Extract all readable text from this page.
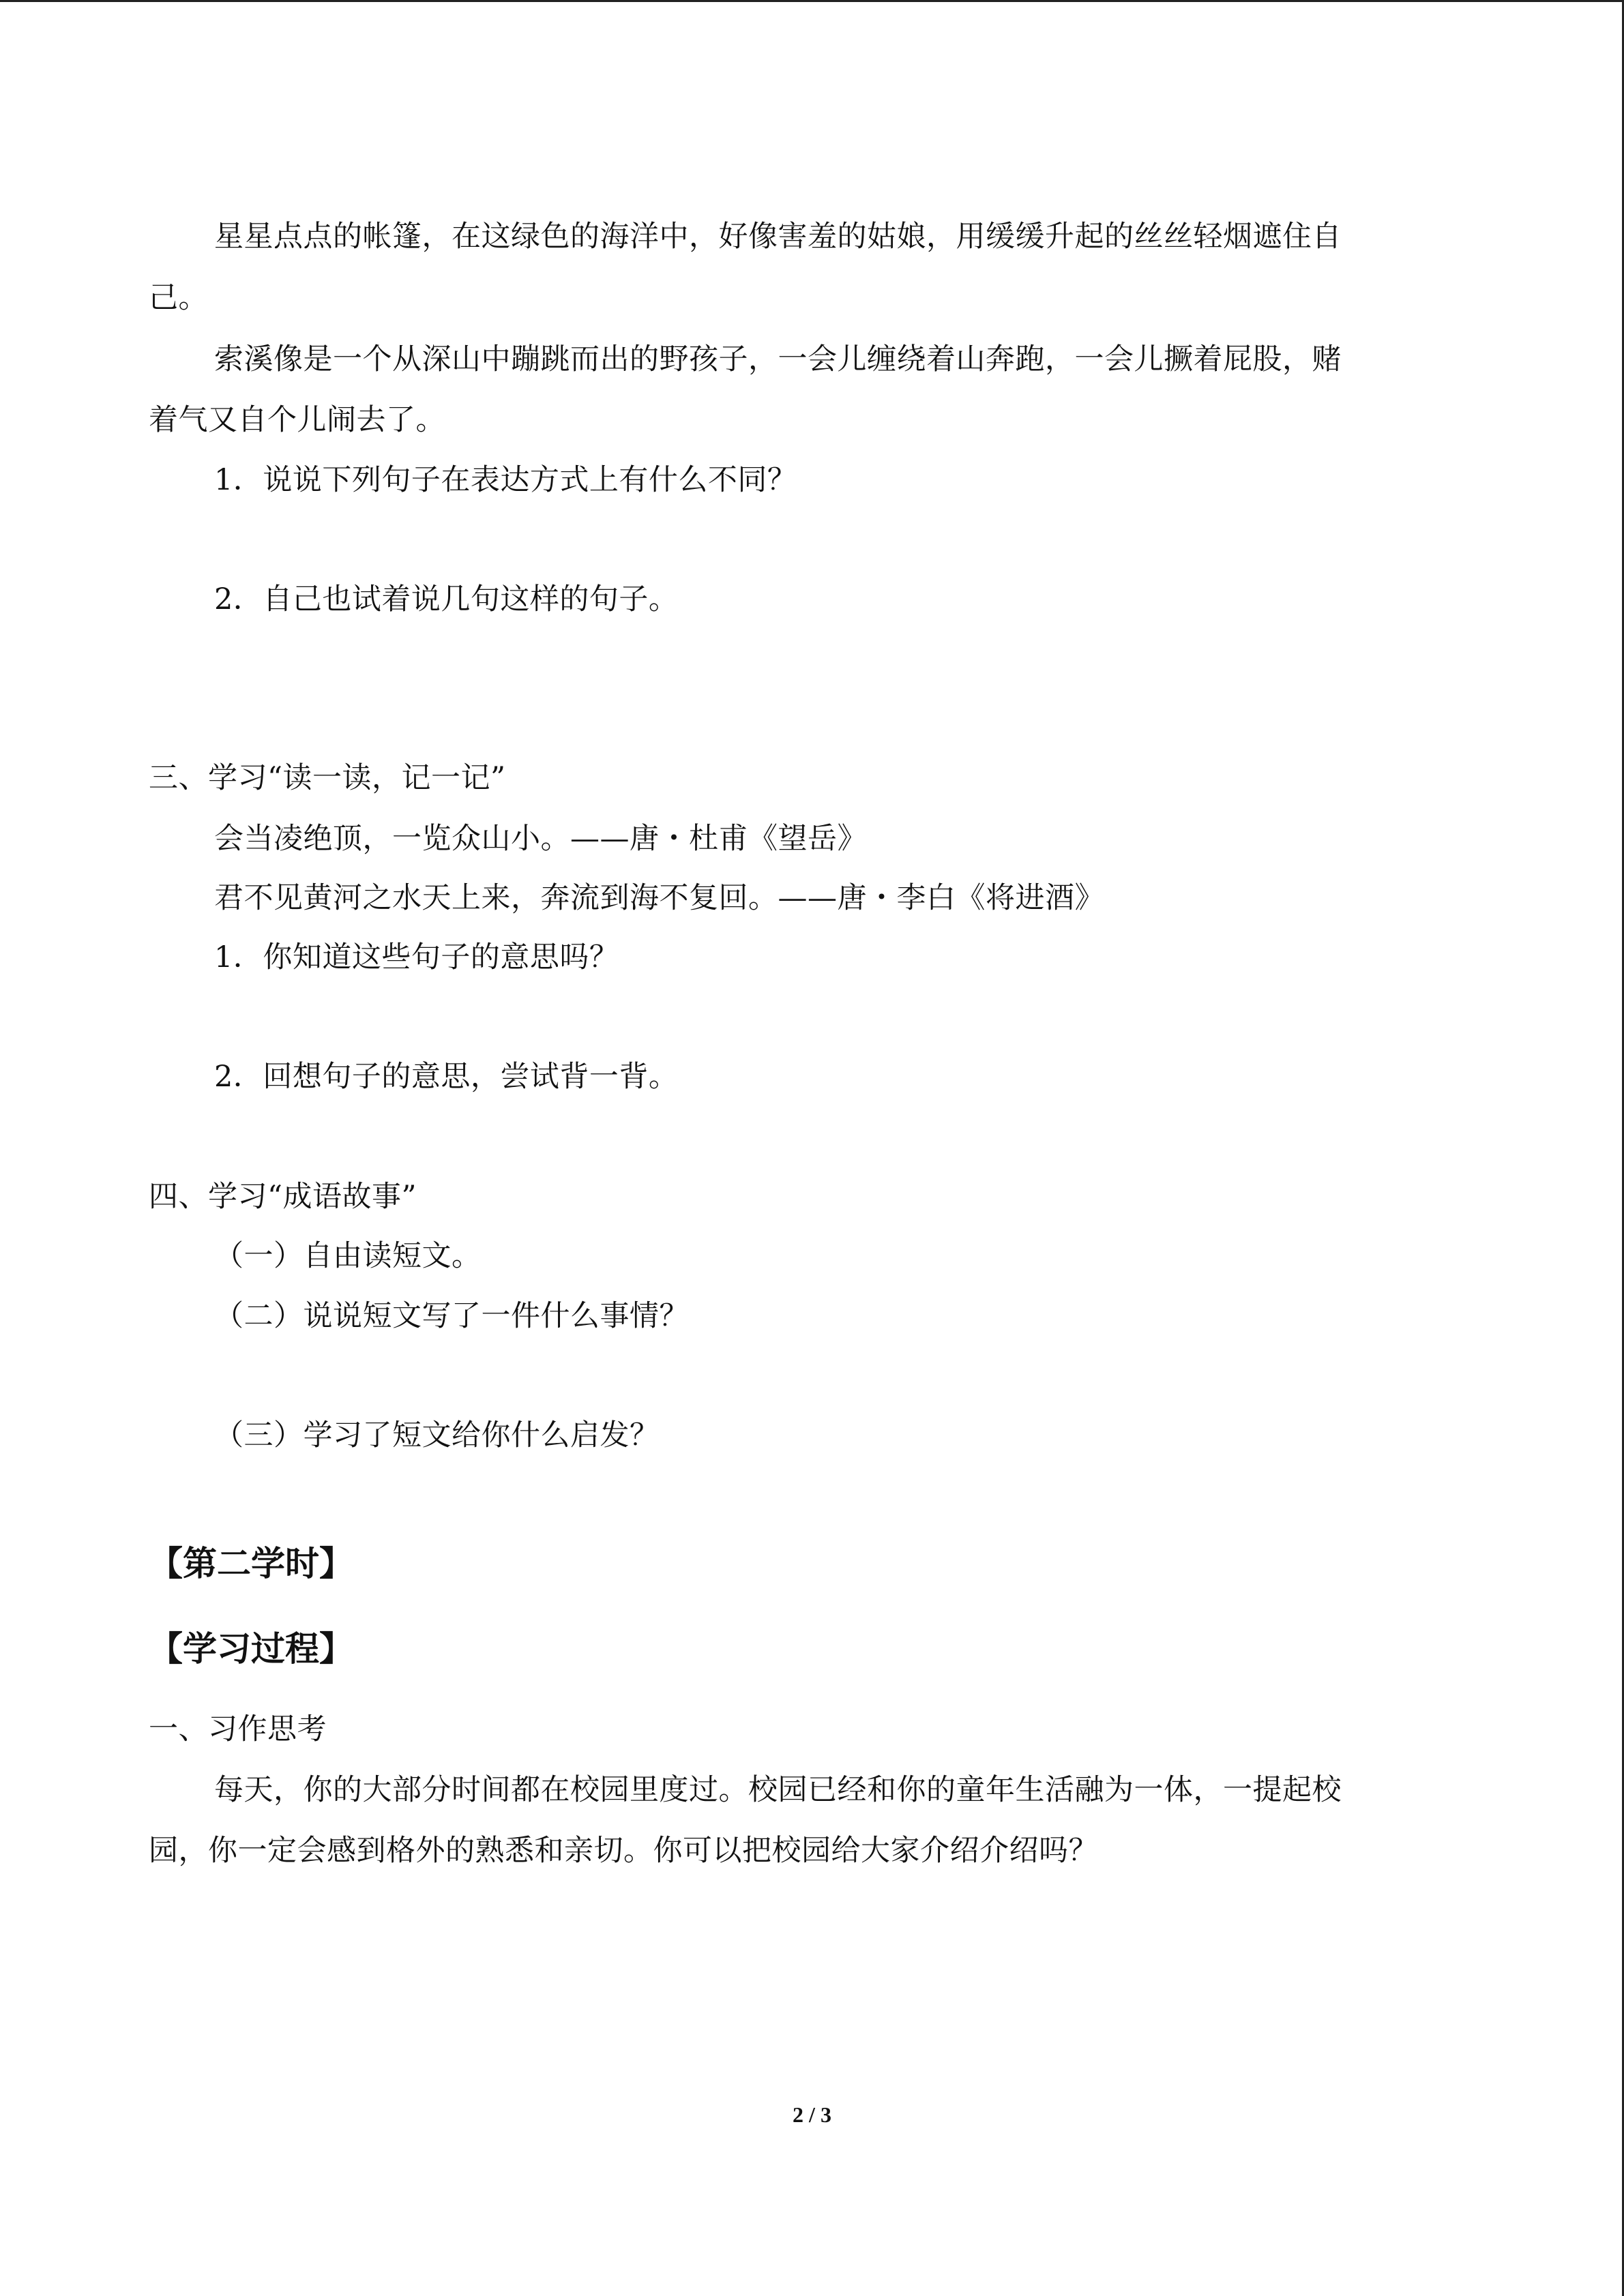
星星点点的帐篷，在这绿色的海洋中，好像害羞的姑娘，用缓缓升起的丝丝轻烟遮住自
己。
索溪像是一个从深山中蹦跳而出的野孩子，一会儿缠绕着山奔跑，一会儿撅着屁股，赌
着气又自个儿闹去了。
1．说说下列句子在表达方式上有什么不同？
2．自己也试着说几句这样的句子。
三、学习“读一读，记一记”
会当凌绝顶，一览众山小。——唐・杜甫《望岳》
君不见黄河之水天上来，奔流到海不复回。——唐・李白《将进酒》
1．你知道这些句子的意思吗？
2．回想句子的意思，尝试背一背。
四、学习“成语故事”
（一）自由读短文。
（二）说说短文写了一件什么事情？
（三）学习了短文给你什么启发？
【第二学时】
【学习过程】
一、习作思考
每天，你的大部分时间都在校园里度过。校园已经和你的童年生活融为一体，一提起校
园，你一定会感到格外的熟悉和亲切。你可以把校园给大家介绍介绍吗？
2 / 3
